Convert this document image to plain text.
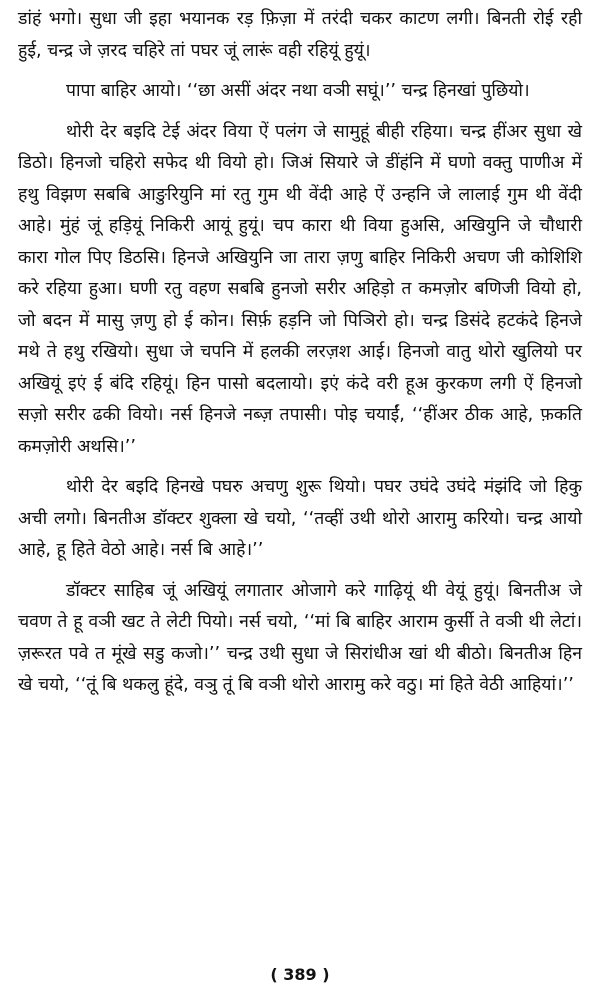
डांहं भगो। सुधा जी इहा भयानक रड़ फ़िज़ा में तरंदी चकर काटण लगी। बिनती रोई रही हुई, चन्द्र जे ज़रद चहिरे तां पघर जूं लारूं वही रहियूं हुयूं।

पापा बाहिर आयो। ‘‘छा असीं अंदर नथा वञी सघूं।’’ चन्द्र हिनखां पुछियो।

थोरी देर बइदि टेई अंदर विया ऐं पलंग जे सामुहूं बीही रहिया। चन्द्र हींअर सुधा खे डिठो। हिनजो चहिरो सफेद थी वियो हो। जिअं सियारे जे डींहंनि में घणो वक्तु पाणीअ में हथु विझण सबबि आङुरियुनि मां रतु गुम थी वेंदी आहे ऐं उन्हनि जे लालाई गुम थी वेंदी आहे। मुंहं जूं हड़ियूं निकिरी आयूं हुयूं। चप कारा थी विया हुअसि, अखियुनि जे चौधारी कारा गोल पिए डिठसि। हिनजे अखियुनि जा तारा ज़णु बाहिर निकिरी अचण जी कोशिशि करे रहिया हुआ। घणी रतु वहण सबबि हुनजो सरीर अहिड़ो त कमज़ोर बणिजी वियो हो, जो बदन में मासु ज़णु हो ई कोन। सिर्फ़ हड़नि जो पिञिरो हो। चन्द्र डिसंदे हटकंदे हिनजे मथे ते हथु रखियो। सुधा जे चपनि में हलकी लरज़श आई। हिनजो वातु थोरो खुलियो पर अखियूं इएं ई बंदि रहियूं। हिन पासो बदलायो। इएं कंदे वरी हूअ कुरकण लगी ऐं हिनजो सज़ो सरीर ढकी वियो। नर्स हिनजे नब्ज़ तपासी। पोइ चयाईं, ‘‘हींअर ठीक आहे, फ़कति कमज़ोरी अथसि।’’

थोरी देर बइदि हिनखे पघरु अचणु शुरू थियो। पघर उघंदे उघंदे मंझंदि जो हिकु अची लगो। बिनतीअ डॉक्टर शुक्ला खे चयो, ‘‘तव्हीं उथी थोरो आरामु करियो। चन्द्र आयो आहे, हू हिते वेठो आहे। नर्स बि आहे।’’

डॉक्टर साहिब जूं अखियूं लगातार ओजागे करे गाढ़ियूं थी वेयूं हुयूं। बिनतीअ जे चवण ते हू वञी खट ते लेटी पियो। नर्स चयो, ‘‘मां बि बाहिर आराम कुर्सी ते वञी थी लेटां। ज़रूरत पवे त मूंखे सडु कजो।’’ चन्द्र उथी सुधा जे सिरांधीअ खां थी बीठो। बिनतीअ हिन खे चयो, ‘‘तूं बि थकलु हूंदे, वञु तूं बि वञी थोरो आरामु करे वठु। मां हिते वेठी आहियां।’’

( 389 )
